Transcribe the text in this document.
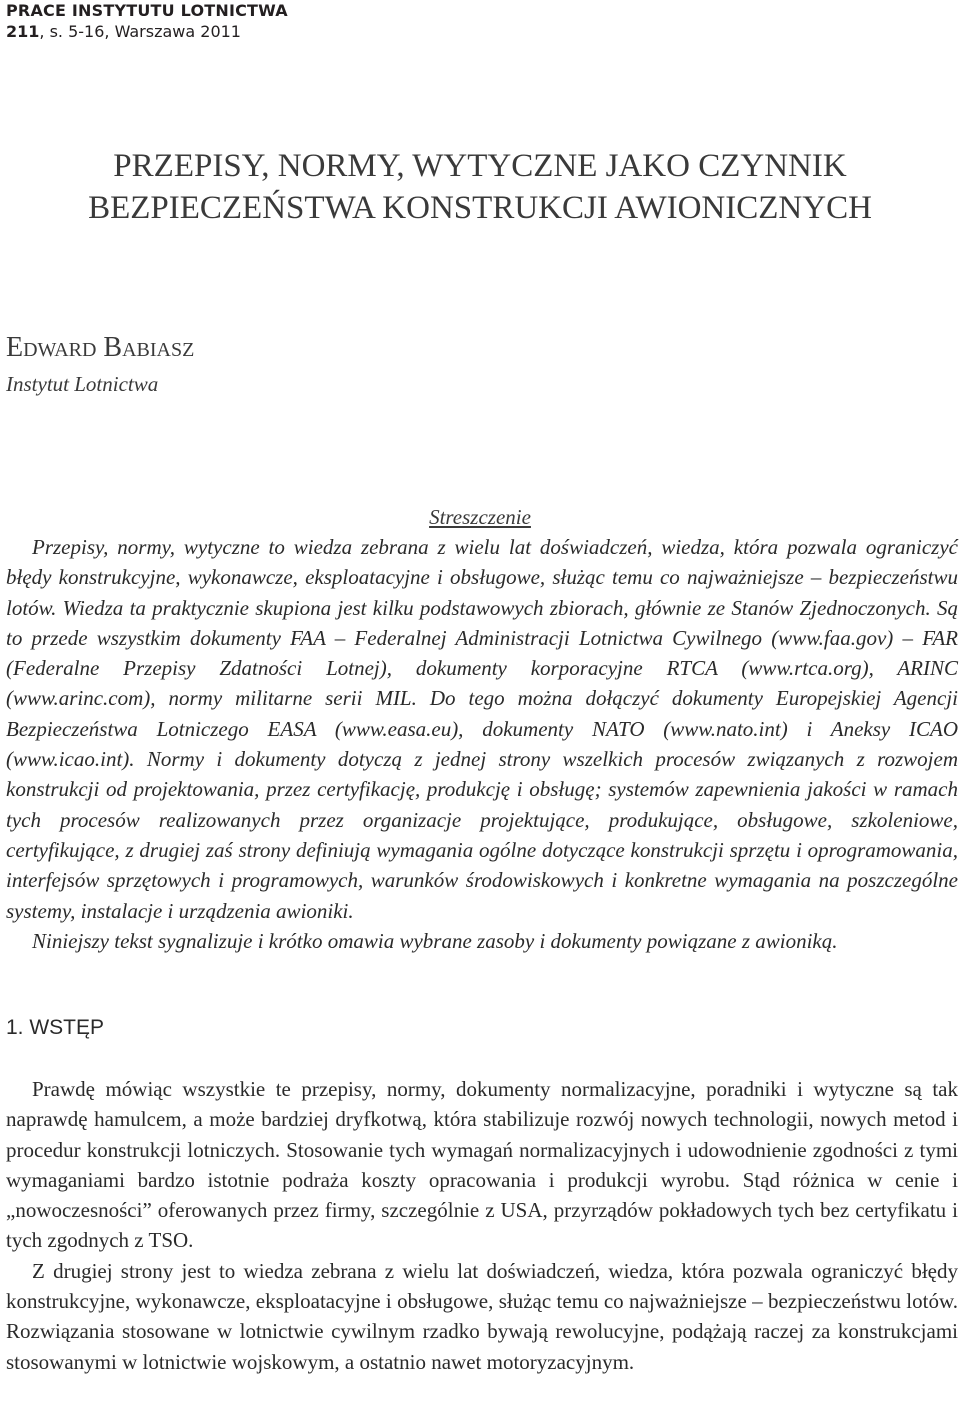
PRACE INSTYTUTU LOTNICTWA
211, s. 5-16, Warszawa 2011
PRZEPISY, NORMY, WYTYCZNE JAKO CZYNNIK
BEZPIECZEŃSTWA KONSTRUKCJI AWIONICZNYCH
Edward Babiasz
Instytut Lotnictwa
Streszczenie

Przepisy, normy, wytyczne to wiedza zebrana z wielu lat doświadczeń, wiedza, która pozwala ograniczyć błędy konstrukcyjne, wykonawcze, eksploatacyjne i obsługowe, służąc temu co najważniejsze – bezpieczeństwu lotów. Wiedza ta praktycznie skupiona jest kilku podstawowych zbiorach, głównie ze Stanów Zjednoczonych. Są to przede wszystkim dokumenty FAA – Federalnej Administracji Lotnictwa Cywilnego (www.faa.gov) – FAR (Federalne Przepisy Zdatności Lotnej), dokumenty korporacyjne RTCA (www.rtca.org), ARINC (www.arinc.com), normy militarne serii MIL. Do tego można dołączyć dokumenty Europejskiej Agencji Bezpieczeństwa Lotniczego EASA (www.easa.eu), dokumenty NATO (www.nato.int) i Aneksy ICAO (www.icao.int). Normy i dokumenty dotyczą z jednej strony wszelkich procesów związanych z rozwojem konstrukcji od projektowania, przez certyfikację, produkcję i obsługę; systemów zapewnienia jakości w ramach tych procesów realizowanych przez organizacje projektujące, produkujące, obsługowe, szkoleniowe, certyfikujące, z drugiej zaś strony definiują wymagania ogólne dotyczące konstrukcji sprzętu i oprogramowania, interfejsów sprzętowych i programowych, warunków środowiskowych i konkretne wymagania na poszczególne systemy, instalacje i urządzenia awioniki.

Niniejszy tekst sygnalizuje i krótko omawia wybrane zasoby i dokumenty powiązane z awioniką.

1. WSTĘP

Prawdę mówiąc wszystkie te przepisy, normy, dokumenty normalizacyjne, poradniki i wytyczne są tak naprawdę hamulcem, a może bardziej dryfkotwą, która stabilizuje rozwój nowych technologii, nowych metod i procedur konstrukcji lotniczych. Stosowanie tych wymagań normalizacyjnych i udowodnienie zgodności z tymi wymaganiami bardzo istotnie podraża koszty opracowania i produkcji wyrobu. Stąd różnica w cenie i „nowoczesności” oferowanych przez firmy, szczególnie z USA, przyrządów pokładowych tych bez certyfikatu i tych zgodnych z TSO.

Z drugiej strony jest to wiedza zebrana z wielu lat doświadczeń, wiedza, która pozwala ograniczyć błędy konstrukcyjne, wykonawcze, eksploatacyjne i obsługowe, służąc temu co najważniejsze – bezpieczeństwu lotów. Rozwiązania stosowane w lotnictwie cywilnym rzadko bywają rewolucyjne, podążają raczej za konstrukcjami stosowanymi w lotnictwie wojskowym, a ostatnio nawet motoryzacyjnym.
